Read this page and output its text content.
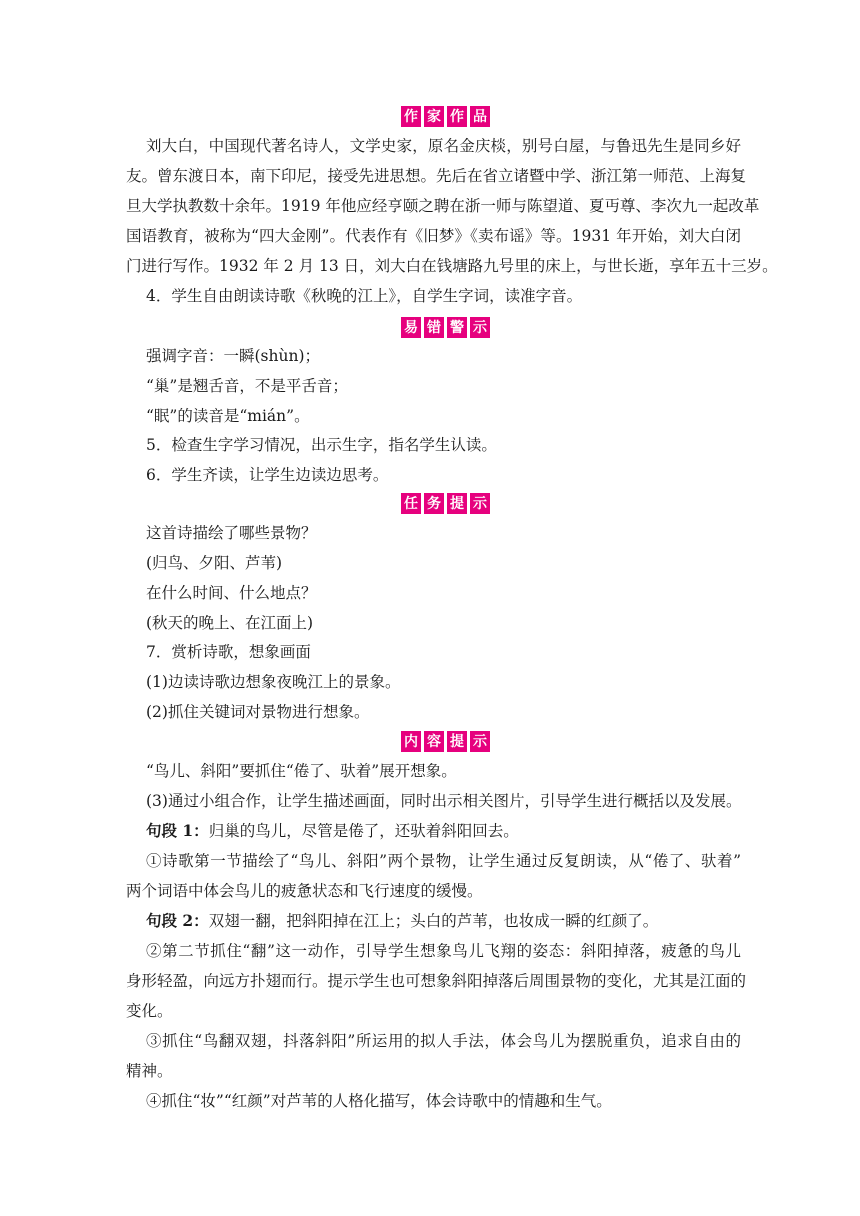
作 家 作 品
刘大白，中国现代著名诗人，文学史家，原名金庆棪，别号白屋，与鲁迅先生是同乡好
友。曾东渡日本，南下印尼，接受先进思想。先后在省立诸暨中学、浙江第一师范、上海复
旦大学执教数十余年。1919 年他应经亨颐之聘在浙一师与陈望道、夏丏尊、李次九一起改革
国语教育，被称为“四大金刚”。代表作有《旧梦》《卖布谣》等。1931 年开始，刘大白闭
门进行写作。1932 年 2 月 13 日，刘大白在钱塘路九号里的床上，与世长逝，享年五十三岁。
4．学生自由朗读诗歌《秋晚的江上》，自学生字词，读准字音。
易 错 警 示
强调字音：一瞬(shùn)；
“巢”是翘舌音，不是平舌音；
“眠”的读音是“mián”。
5．检查生字学习情况，出示生字，指名学生认读。
6．学生齐读，让学生边读边思考。
任 务 提 示
这首诗描绘了哪些景物？
(归鸟、夕阳、芦苇)
在什么时间、什么地点？
(秋天的晚上、在江面上)
7．赏析诗歌，想象画面
(1)边读诗歌边想象夜晚江上的景象。
(2)抓住关键词对景物进行想象。
内 容 提 示
“鸟儿、斜阳”要抓住“倦了、驮着”展开想象。
(3)通过小组合作，让学生描述画面，同时出示相关图片，引导学生进行概括以及发展。
句段 1：归巢的鸟儿，尽管是倦了，还驮着斜阳回去。
①诗歌第一节描绘了“鸟儿、斜阳”两个景物，让学生通过反复朗读，从“倦了、驮着”
两个词语中体会鸟儿的疲惫状态和飞行速度的缓慢。
句段 2：双翅一翻，把斜阳掉在江上；头白的芦苇，也妆成一瞬的红颜了。
②第二节抓住“翻”这一动作，引导学生想象鸟儿飞翔的姿态：斜阳掉落，疲惫的鸟儿
身形轻盈，向远方扑翅而行。提示学生也可想象斜阳掉落后周围景物的变化，尤其是江面的
变化。
③抓住“鸟翻双翅，抖落斜阳”所运用的拟人手法，体会鸟儿为摆脱重负，追求自由的
精神。
④抓住“妆”“红颜”对芦苇的人格化描写，体会诗歌中的情趣和生气。
